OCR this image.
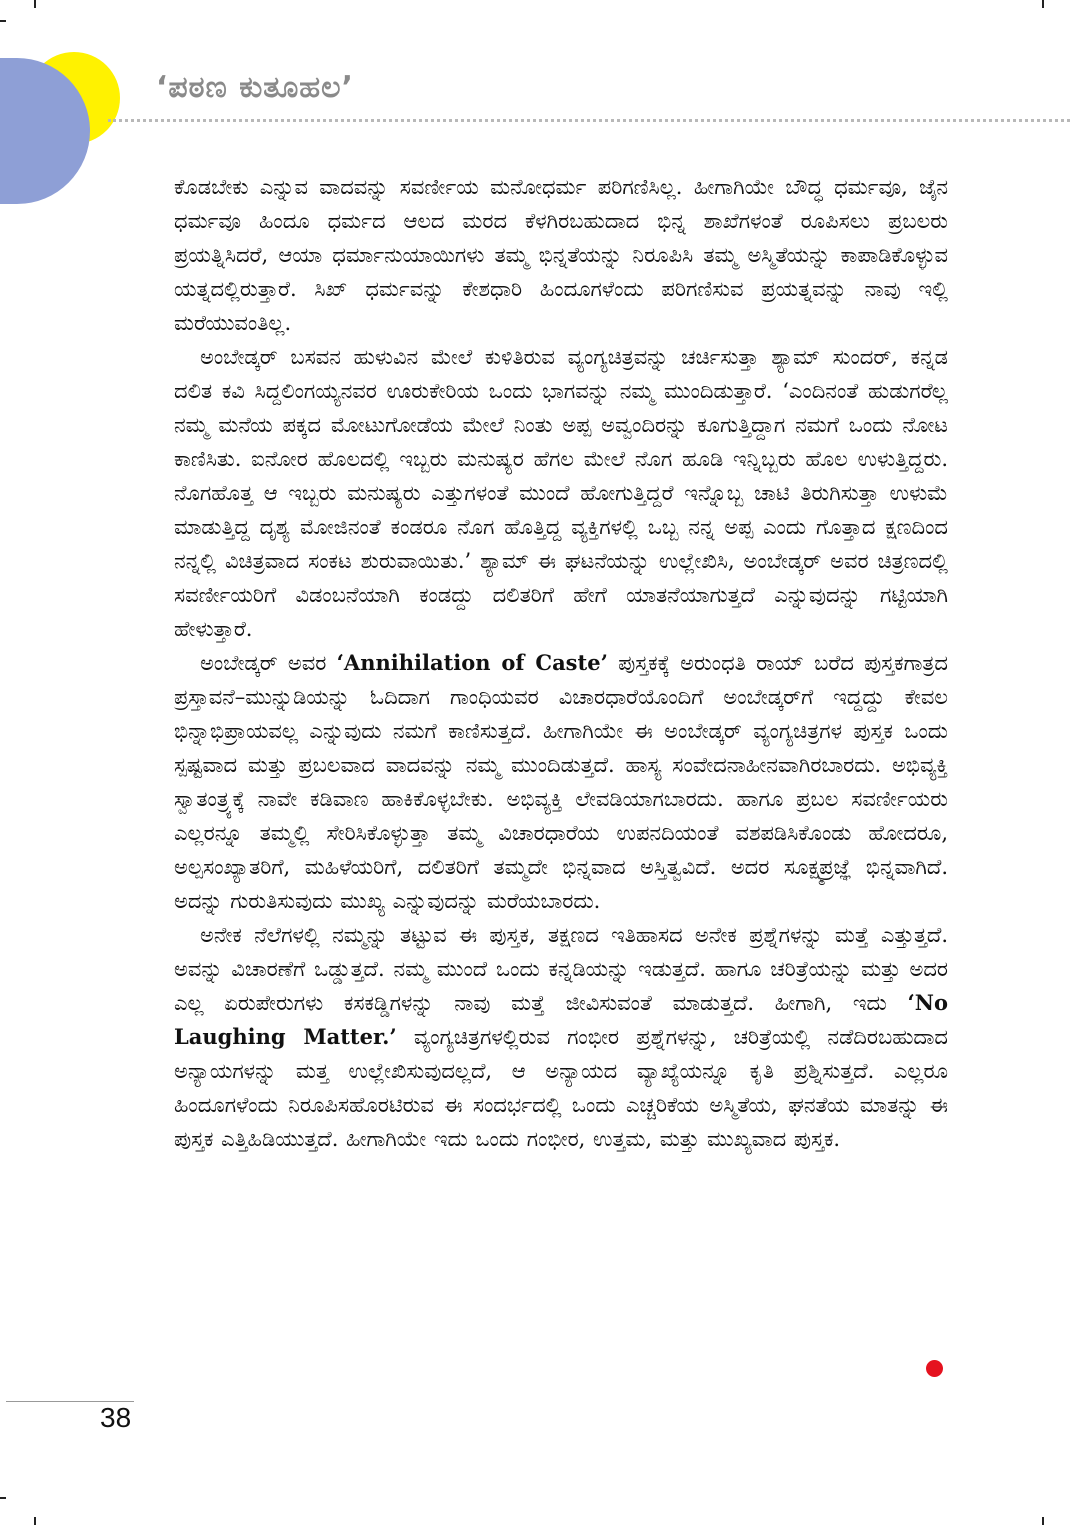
‘ಪಠಣ ಕುತೂಹಲ’

ಕೊಡಬೇಕು ಎನ್ನುವ ವಾದವನ್ನು ಸವರ್ಣೀಯ ಮನೋಧರ್ಮ ಪರಿಗಣಿಸಿಲ್ಲ. ಹೀಗಾಗಿಯೇ ಬೌದ್ಧ ಧರ್ಮವೂ, ಜೈನ ಧರ್ಮವೂ ಹಿಂದೂ ಧರ್ಮದ ಆಲದ ಮರದ ಕೆಳಗಿರಬಹುದಾದ ಭಿನ್ನ ಶಾಖೆಗಳಂತೆ ರೂಪಿಸಲು ಪ್ರಬಲರು ಪ್ರಯತ್ನಿಸಿದರೆ, ಆಯಾ ಧರ್ಮಾನುಯಾಯಿಗಳು ತಮ್ಮ ಭಿನ್ನತೆಯನ್ನು ನಿರೂಪಿಸಿ ತಮ್ಮ ಅಸ್ಮಿತೆಯನ್ನು ಕಾಪಾಡಿಕೊಳ್ಳುವ ಯತ್ನದಲ್ಲಿರುತ್ತಾರೆ. ಸಿಖ್ ಧರ್ಮವನ್ನು ಕೇಶಧಾರಿ ಹಿಂದೂಗಳೆಂದು ಪರಿಗಣಿಸುವ ಪ್ರಯತ್ನವನ್ನು ನಾವು ಇಲ್ಲಿ ಮರೆಯುವಂತಿಲ್ಲ.

ಅಂಬೇಡ್ಕರ್ ಬಸವನ ಹುಳುವಿನ ಮೇಲೆ ಕುಳಿತಿರುವ ವ್ಯಂಗ್ಯಚಿತ್ರವನ್ನು ಚರ್ಚಿಸುತ್ತಾ ಶ್ಯಾಮ್ ಸುಂದರ್, ಕನ್ನಡ ದಲಿತ ಕವಿ ಸಿದ್ದಲಿಂಗಯ್ಯನವರ ಊರುಕೇರಿಯ ಒಂದು ಭಾಗವನ್ನು ನಮ್ಮ ಮುಂದಿಡುತ್ತಾರೆ. ‘ಎಂದಿನಂತೆ ಹುಡುಗರೆಲ್ಲ ನಮ್ಮ ಮನೆಯ ಪಕ್ಕದ ಮೋಟುಗೋಡೆಯ ಮೇಲೆ ನಿಂತು ಅಪ್ಪ ಅವ್ವಂದಿರನ್ನು ಕೂಗುತ್ತಿದ್ದಾಗ ನಮಗೆ ಒಂದು ನೋಟ ಕಾಣಿಸಿತು. ಐನೋರ ಹೊಲದಲ್ಲಿ ಇಬ್ಬರು ಮನುಷ್ಯರ ಹೆಗಲ ಮೇಲೆ ನೊಗ ಹೂಡಿ ಇನ್ನಿಬ್ಬರು ಹೊಲ ಉಳುತ್ತಿದ್ದರು. ನೊಗಹೊತ್ತ ಆ ಇಬ್ಬರು ಮನುಷ್ಯರು ಎತ್ತುಗಳಂತೆ ಮುಂದೆ ಹೋಗುತ್ತಿದ್ದರೆ ಇನ್ನೊಬ್ಬ ಚಾಟಿ ತಿರುಗಿಸುತ್ತಾ ಉಳುಮೆ ಮಾಡುತ್ತಿದ್ದ ದೃಶ್ಯ ಮೋಜಿನಂತೆ ಕಂಡರೂ ನೊಗ ಹೊತ್ತಿದ್ದ ವ್ಯಕ್ತಿಗಳಲ್ಲಿ ಒಬ್ಬ ನನ್ನ ಅಪ್ಪ ಎಂದು ಗೊತ್ತಾದ ಕ್ಷಣದಿಂದ ನನ್ನಲ್ಲಿ ವಿಚಿತ್ರವಾದ ಸಂಕಟ ಶುರುವಾಯಿತು.’ ಶ್ಯಾಮ್ ಈ ಘಟನೆಯನ್ನು ಉಲ್ಲೇಖಿಸಿ, ಅಂಬೇಡ್ಕರ್ ಅವರ ಚಿತ್ರಣದಲ್ಲಿ ಸವರ್ಣೀಯರಿಗೆ ವಿಡಂಬನೆಯಾಗಿ ಕಂಡದ್ದು ದಲಿತರಿಗೆ ಹೇಗೆ ಯಾತನೆಯಾಗುತ್ತದೆ ಎನ್ನುವುದನ್ನು ಗಟ್ಟಿಯಾಗಿ ಹೇಳುತ್ತಾರೆ.

ಅಂಬೇಡ್ಕರ್ ಅವರ ‘Annihilation of Caste’ ಪುಸ್ತಕಕ್ಕೆ ಅರುಂಧತಿ ರಾಯ್ ಬರೆದ ಪುಸ್ತಕಗಾತ್ರದ ಪ್ರಸ್ತಾವನೆ–ಮುನ್ನುಡಿಯನ್ನು ಓದಿದಾಗ ಗಾಂಧಿಯವರ ವಿಚಾರಧಾರೆಯೊಂದಿಗೆ ಅಂಬೇಡ್ಕರ್‌ಗೆ ಇದ್ದದ್ದು ಕೇವಲ ಭಿನ್ನಾಭಿಪ್ರಾಯವಲ್ಲ ಎನ್ನುವುದು ನಮಗೆ ಕಾಣಿಸುತ್ತದೆ. ಹೀಗಾಗಿಯೇ ಈ ಅಂಬೇಡ್ಕರ್ ವ್ಯಂಗ್ಯಚಿತ್ರಗಳ ಪುಸ್ತಕ ಒಂದು ಸ್ಪಷ್ಟವಾದ ಮತ್ತು ಪ್ರಬಲವಾದ ವಾದವನ್ನು ನಮ್ಮ ಮುಂದಿಡುತ್ತದೆ. ಹಾಸ್ಯ ಸಂವೇದನಾಹೀನವಾಗಿರಬಾರದು. ಅಭಿವ್ಯಕ್ತಿ ಸ್ವಾತಂತ್ರ್ಯಕ್ಕೆ ನಾವೇ ಕಡಿವಾಣ ಹಾಕಿಕೊಳ್ಳಬೇಕು. ಅಭಿವ್ಯಕ್ತಿ ಲೇವಡಿಯಾಗಬಾರದು. ಹಾಗೂ ಪ್ರಬಲ ಸವರ್ಣೀಯರು ಎಲ್ಲರನ್ನೂ ತಮ್ಮಲ್ಲಿ ಸೇರಿಸಿಕೊಳ್ಳುತ್ತಾ ತಮ್ಮ ವಿಚಾರಧಾರೆಯ ಉಪನದಿಯಂತೆ ವಶಪಡಿಸಿಕೊಂಡು ಹೋದರೂ, ಅಲ್ಪಸಂಖ್ಯಾತರಿಗೆ, ಮಹಿಳೆಯರಿಗೆ, ದಲಿತರಿಗೆ ತಮ್ಮದೇ ಭಿನ್ನವಾದ ಅಸ್ತಿತ್ವವಿದೆ. ಅದರ ಸೂಕ್ಷ್ಮಪ್ರಜ್ಞೆ ಭಿನ್ನವಾಗಿದೆ. ಅದನ್ನು ಗುರುತಿಸುವುದು ಮುಖ್ಯ ಎನ್ನುವುದನ್ನು ಮರೆಯಬಾರದು.

ಅನೇಕ ನೆಲೆಗಳಲ್ಲಿ ನಮ್ಮನ್ನು ತಟ್ಟುವ ಈ ಪುಸ್ತಕ, ತಕ್ಷಣದ ಇತಿಹಾಸದ ಅನೇಕ ಪ್ರಶ್ನೆಗಳನ್ನು ಮತ್ತೆ ಎತ್ತುತ್ತದೆ. ಅವನ್ನು ವಿಚಾರಣೆಗೆ ಒಡ್ಡುತ್ತದೆ. ನಮ್ಮ ಮುಂದೆ ಒಂದು ಕನ್ನಡಿಯನ್ನು ಇಡುತ್ತದೆ. ಹಾಗೂ ಚರಿತ್ರೆಯನ್ನು ಮತ್ತು ಅದರ ಎಲ್ಲ ಏರುಪೇರುಗಳು ಕಸಕಡ್ಡಿಗಳನ್ನು ನಾವು ಮತ್ತೆ ಜೀವಿಸುವಂತೆ ಮಾಡುತ್ತದೆ. ಹೀಗಾಗಿ, ಇದು ‘No Laughing Matter.’ ವ್ಯಂಗ್ಯಚಿತ್ರಗಳಲ್ಲಿರುವ ಗಂಭೀರ ಪ್ರಶ್ನೆಗಳನ್ನು, ಚರಿತ್ರೆಯಲ್ಲಿ ನಡೆದಿರಬಹುದಾದ ಅನ್ಯಾಯಗಳನ್ನು ಮತ್ತ ಉಲ್ಲೇಖಿಸುವುದಲ್ಲದೆ, ಆ ಅನ್ಯಾಯದ ವ್ಯಾಖ್ಯೆಯನ್ನೂ ಕೃತಿ ಪ್ರಶ್ನಿಸುತ್ತದೆ. ಎಲ್ಲರೂ ಹಿಂದೂಗಳೆಂದು ನಿರೂಪಿಸಹೊರಟಿರುವ ಈ ಸಂದರ್ಭದಲ್ಲಿ ಒಂದು ಎಚ್ಚರಿಕೆಯ ಅಸ್ಮಿತೆಯ, ಘನತೆಯ ಮಾತನ್ನು ಈ ಪುಸ್ತಕ ಎತ್ತಿಹಿಡಿಯುತ್ತದೆ. ಹೀಗಾಗಿಯೇ ಇದು ಒಂದು ಗಂಭೀರ, ಉತ್ತಮ, ಮತ್ತು ಮುಖ್ಯವಾದ ಪುಸ್ತಕ.

38
